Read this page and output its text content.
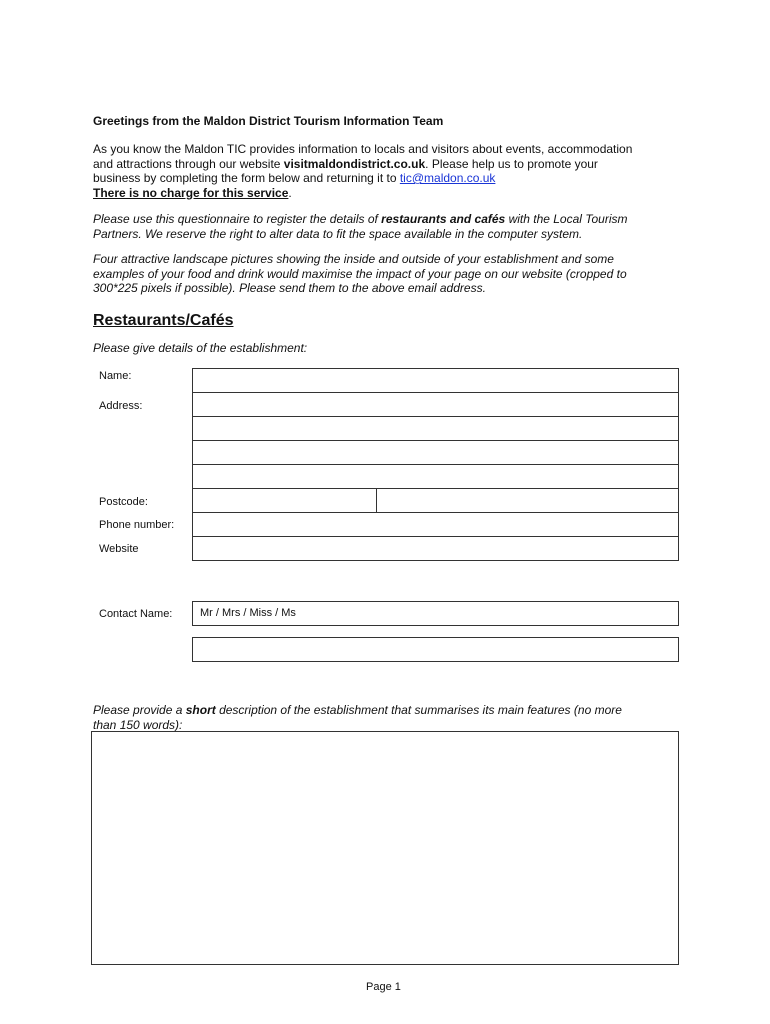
Greetings from the Maldon District Tourism Information Team
As you know the Maldon TIC provides information to locals and visitors about events, accommodation
and attractions through our website visitmaldondistrict.co.uk. Please help us to promote your
business by completing the form below and returning it to tic@maldon.co.uk
There is no charge for this service.
Please use this questionnaire to register the details of restaurants and cafés with the Local Tourism
Partners. We reserve the right to alter data to fit the space available in the computer system.
Four attractive landscape pictures showing the inside and outside of your establishment and some
examples of your food and drink would maximise the impact of your page on our website (cropped to
300*225 pixels if possible). Please send them to the above email address.
Restaurants/Cafés
Please give details of the establishment:
Name:
Address:
Postcode:
Phone number:
Website
Contact Name:	Mr / Mrs / Miss / Ms
Please provide a short description of the establishment that summarises its main features (no more
than 150 words):
Page 1
